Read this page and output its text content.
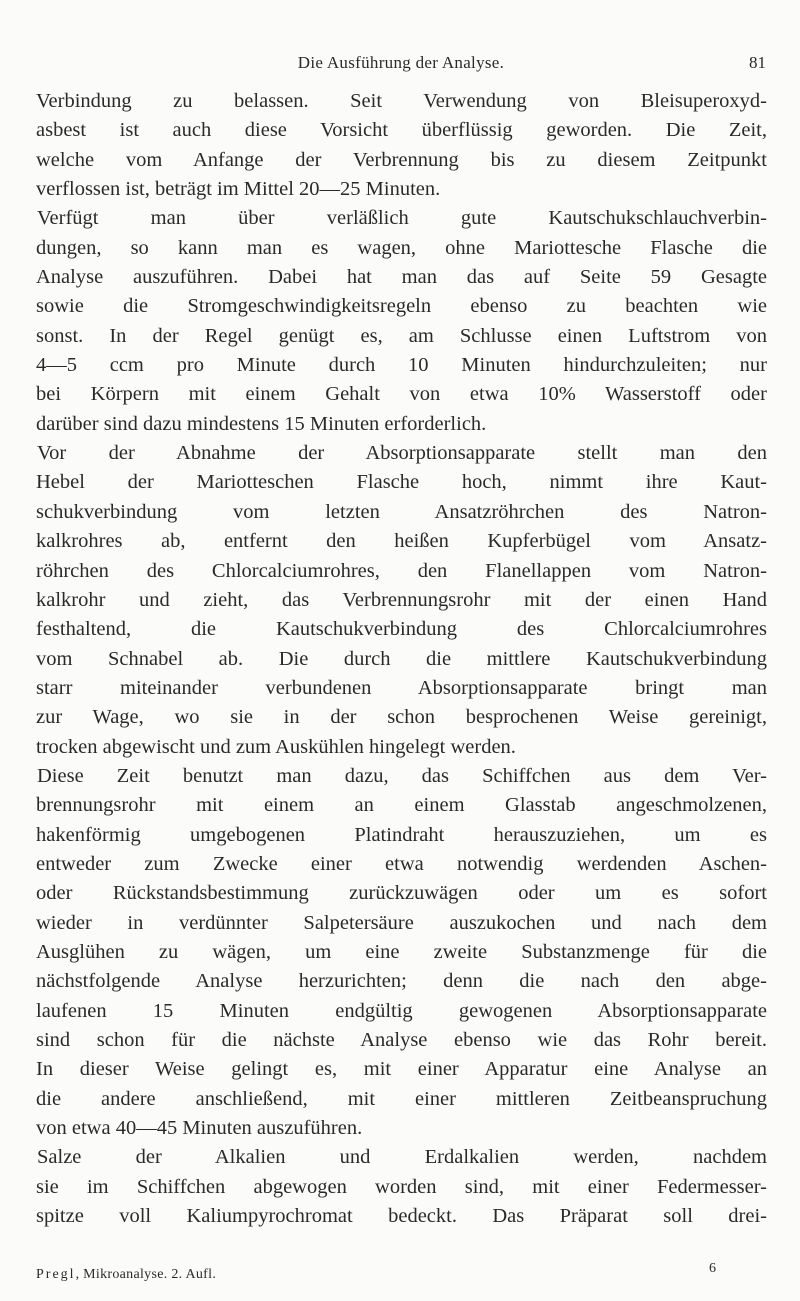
Die Ausführung der Analyse.	81
Verbindung zu belassen. Seit Verwendung von Bleisuperoxyd-
asbest ist auch diese Vorsicht überflüssig geworden. Die Zeit,
welche vom Anfange der Verbrennung bis zu diesem Zeitpunkt
verflossen ist, beträgt im Mittel 20—25 Minuten.
Verfügt man über verläßlich gute Kautschukschlauchverbin-
dungen, so kann man es wagen, ohne Mariottesche Flasche die
Analyse auszuführen. Dabei hat man das auf Seite 59 Gesagte
sowie die Stromgeschwindigkeitsregeln ebenso zu beachten wie
sonst. In der Regel genügt es, am Schlusse einen Luftstrom von
4—5 ccm pro Minute durch 10 Minuten hindurchzuleiten; nur
bei Körpern mit einem Gehalt von etwa 10% Wasserstoff oder
darüber sind dazu mindestens 15 Minuten erforderlich.
Vor der Abnahme der Absorptionsapparate stellt man den
Hebel der Mariotteschen Flasche hoch, nimmt ihre Kaut-
schukverbindung vom letzten Ansatzröhrchen des Natron-
kalkrohres ab, entfernt den heißen Kupferbügel vom Ansatz-
röhrchen des Chlorcalciumrohres, den Flanellappen vom Natron-
kalkrohr und zieht, das Verbrennungsrohr mit der einen Hand
festhaltend, die Kautschukverbindung des Chlorcalciumrohres
vom Schnabel ab. Die durch die mittlere Kautschukverbindung
starr miteinander verbundenen Absorptionsapparate bringt man
zur Wage, wo sie in der schon besprochenen Weise gereinigt,
trocken abgewischt und zum Auskühlen hingelegt werden.
Diese Zeit benutzt man dazu, das Schiffchen aus dem Ver-
brennungsrohr mit einem an einem Glasstab angeschmolzenen,
hakenförmig umgebogenen Platindraht herauszuziehen, um es
entweder zum Zwecke einer etwa notwendig werdenden Aschen-
oder Rückstandsbestimmung zurückzuwägen oder um es sofort
wieder in verdünnter Salpetersäure auszukochen und nach dem
Ausglühen zu wägen, um eine zweite Substanzmenge für die
nächstfolgende Analyse herzurichten; denn die nach den abge-
laufenen 15 Minuten endgültig gewogenen Absorptionsapparate
sind schon für die nächste Analyse ebenso wie das Rohr bereit.
In dieser Weise gelingt es, mit einer Apparatur eine Analyse an
die andere anschließend, mit einer mittleren Zeitbeanspruchung
von etwa 40—45 Minuten auszuführen.
Salze der Alkalien und Erdalkalien werden, nachdem
sie im Schiffchen abgewogen worden sind, mit einer Federmesser-
spitze voll Kaliumpyrochromat bedeckt. Das Präparat soll drei-
Pregl, Mikroanalyse. 2. Aufl.	6
